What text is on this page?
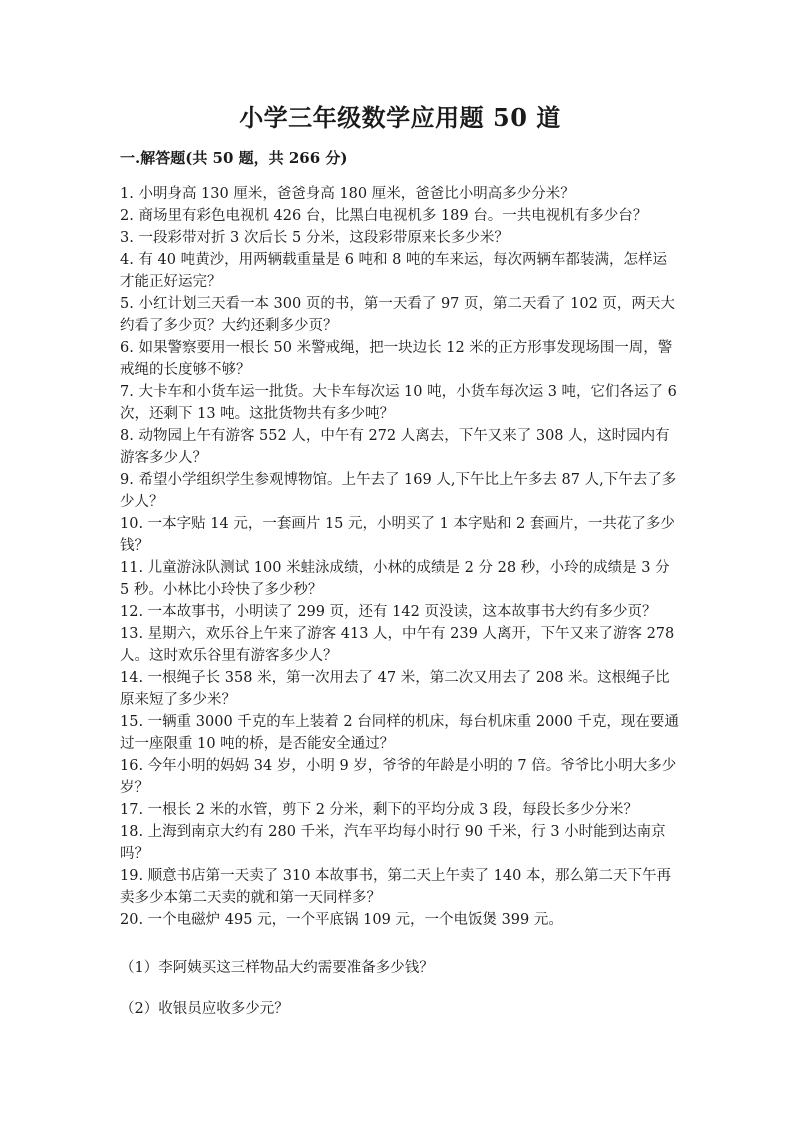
小学三年级数学应用题 50 道
一.解答题(共 50 题，共 266 分)
1. 小明身高 130 厘米，爸爸身高 180 厘米，爸爸比小明高多少分米？
2. 商场里有彩色电视机 426 台，比黑白电视机多 189 台。一共电视机有多少台？
3. 一段彩带对折 3 次后长 5 分米，这段彩带原来长多少米？
4. 有 40 吨黄沙，用两辆载重量是 6 吨和 8 吨的车来运，每次两辆车都装满，怎样运才能正好运完？
5. 小红计划三天看一本 300 页的书，第一天看了 97 页，第二天看了 102 页，两天大约看了多少页？大约还剩多少页？
6. 如果警察要用一根长 50 米警戒绳，把一块边长 12 米的正方形事发现场围一周，警戒绳的长度够不够？
7. 大卡车和小货车运一批货。大卡车每次运 10 吨，小货车每次运 3 吨，它们各运了 6 次，还剩下 13 吨。这批货物共有多少吨？
8. 动物园上午有游客 552 人，中午有 272 人离去，下午又来了 308 人，这时园内有游客多少人？
9. 希望小学组织学生参观博物馆。上午去了 169 人,下午比上午多去 87 人,下午去了多少人？
10. 一本字贴 14 元，一套画片 15 元，小明买了 1 本字贴和 2 套画片，一共花了多少钱？
11. 儿童游泳队测试 100 米蛙泳成绩，小林的成绩是 2 分 28 秒，小玲的成绩是 3 分 5 秒。小林比小玲快了多少秒？
12. 一本故事书，小明读了 299 页，还有 142 页没读，这本故事书大约有多少页？
13. 星期六，欢乐谷上午来了游客 413 人，中午有 239 人离开，下午又来了游客 278 人。这时欢乐谷里有游客多少人？
14. 一根绳子长 358 米，第一次用去了 47 米，第二次又用去了 208 米。这根绳子比原来短了多少米？
15. 一辆重 3000 千克的车上装着 2 台同样的机床，每台机床重 2000 千克，现在要通过一座限重 10 吨的桥，是否能安全通过？
16. 今年小明的妈妈 34 岁，小明 9 岁，爷爷的年龄是小明的 7 倍。爷爷比小明大多少岁？
17. 一根长 2 米的水管，剪下 2 分米，剩下的平均分成 3 段，每段长多少分米？
18. 上海到南京大约有 280 千米，汽车平均每小时行 90 千米，行 3 小时能到达南京吗？
19. 顺意书店第一天卖了 310 本故事书，第二天上午卖了 140 本，那么第二天下午再卖多少本第二天卖的就和第一天同样多？
20. 一个电磁炉 495 元，一个平底锅 109 元，一个电饭煲 399 元。
（1）李阿姨买这三样物品大约需要准备多少钱？
（2）收银员应收多少元？
